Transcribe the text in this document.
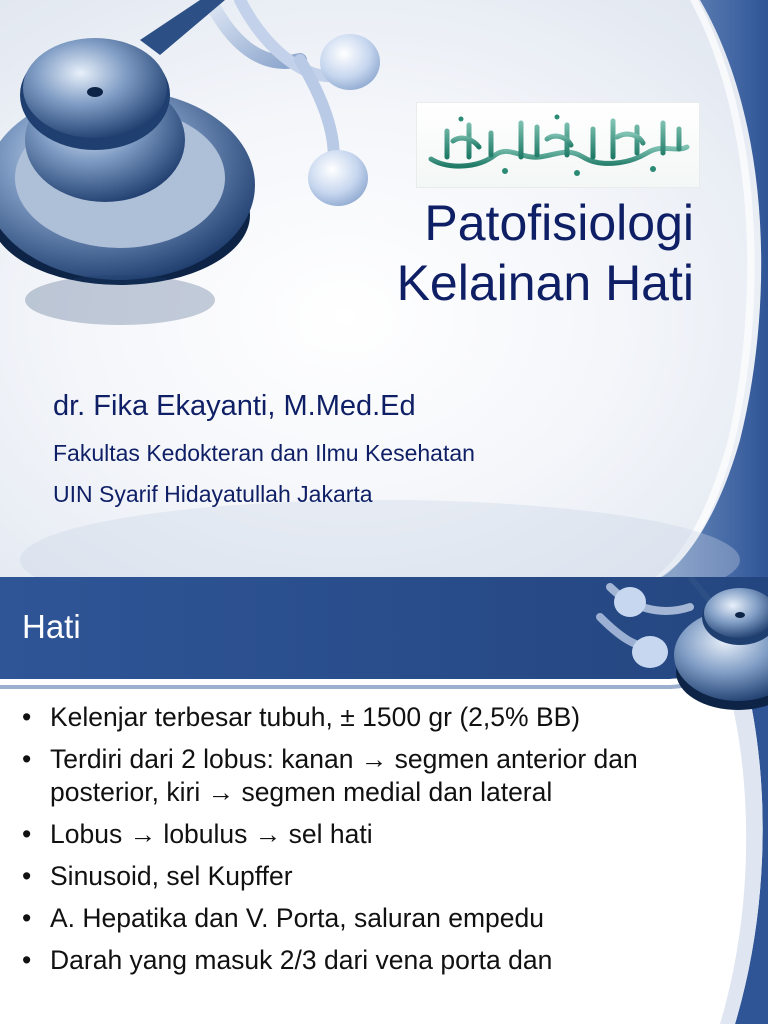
Patofisiologi
Kelainan Hati
dr. Fika Ekayanti, M.Med.Ed
Fakultas Kedokteran dan Ilmu Kesehatan
UIN Syarif Hidayatullah Jakarta
Hati
• Kelenjar terbesar tubuh, ± 1500 gr (2,5% BB)
• Terdiri dari 2 lobus: kanan → segmen anterior dan posterior, kiri → segmen medial dan lateral
• Lobus → lobulus → sel hati
• Sinusoid, sel Kupffer
• A. Hepatika dan V. Porta, saluran empedu
• Darah yang masuk 2/3 dari vena porta dan
